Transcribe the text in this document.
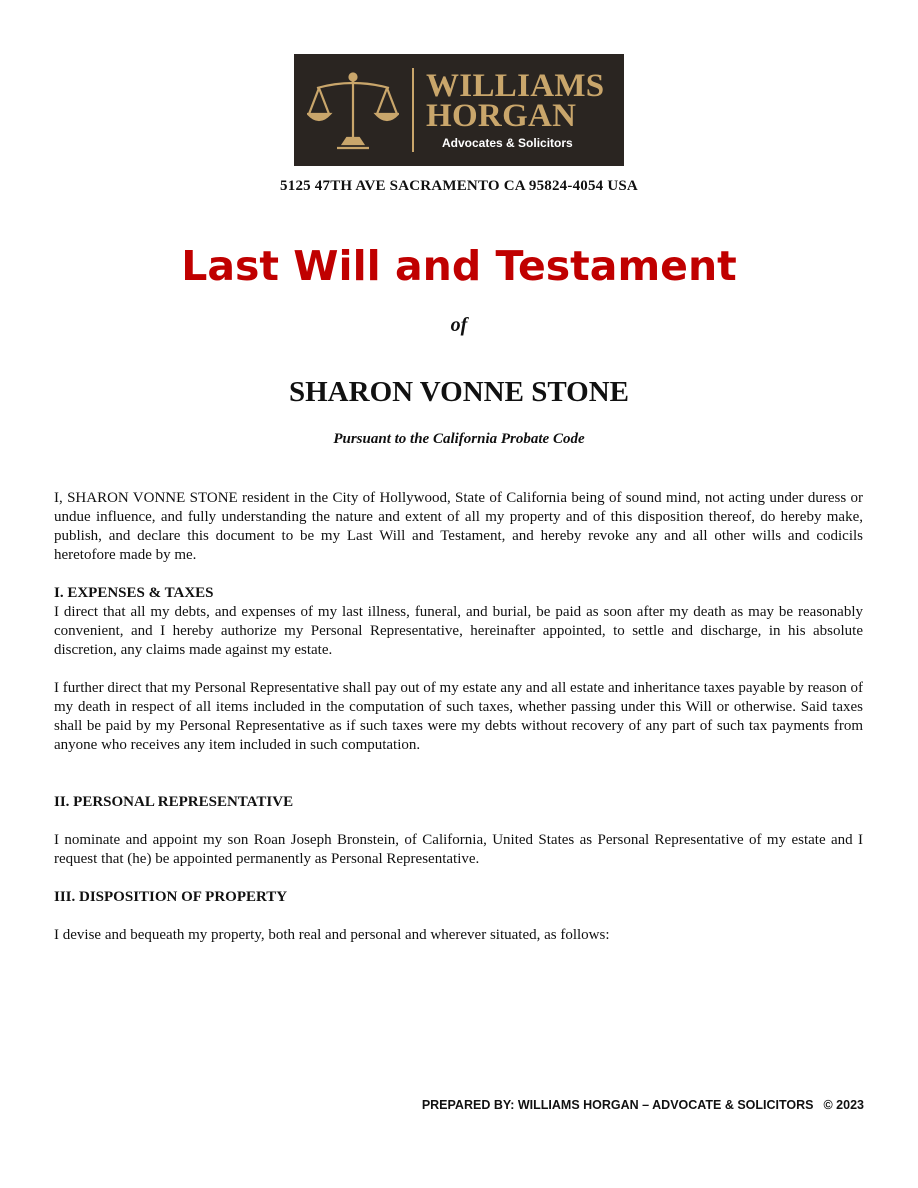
WILLIAMS
HORGAN
Advocates & Solicitors
5125 47TH AVE SACRAMENTO CA 95824-4054 USA
Last Will and Testament
of
SHARON VONNE STONE
Pursuant to the California Probate Code

I, SHARON VONNE STONE resident in the City of Hollywood, State of California being of sound mind, not acting under duress or undue influence, and fully understanding the nature and extent of all my property and of this disposition thereof, do hereby make, publish, and declare this document to be my Last Will and Testament, and hereby revoke any and all other wills and codicils heretofore made by me.

I. EXPENSES & TAXES

I direct that all my debts, and expenses of my last illness, funeral, and burial, be paid as soon after my death as may be reasonably convenient, and I hereby authorize my Personal Representative, hereinafter appointed, to settle and discharge, in his absolute discretion, any claims made against my estate.

I further direct that my Personal Representative shall pay out of my estate any and all estate and inheritance taxes payable by reason of my death in respect of all items included in the computation of such taxes, whether passing under this Will or otherwise. Said taxes shall be paid by my Personal Representative as if such taxes were my debts without recovery of any part of such tax payments from anyone who receives any item included in such computation.

II. PERSONAL REPRESENTATIVE

I nominate and appoint my son Roan Joseph Bronstein, of California, United States as Personal Representative of my estate and I request that (he) be appointed permanently as Personal Representative.

III. DISPOSITION OF PROPERTY

I devise and bequeath my property, both real and personal and wherever situated, as follows:

PREPARED BY: WILLIAMS HORGAN – ADVOCATE & SOLICITORS © 2023
